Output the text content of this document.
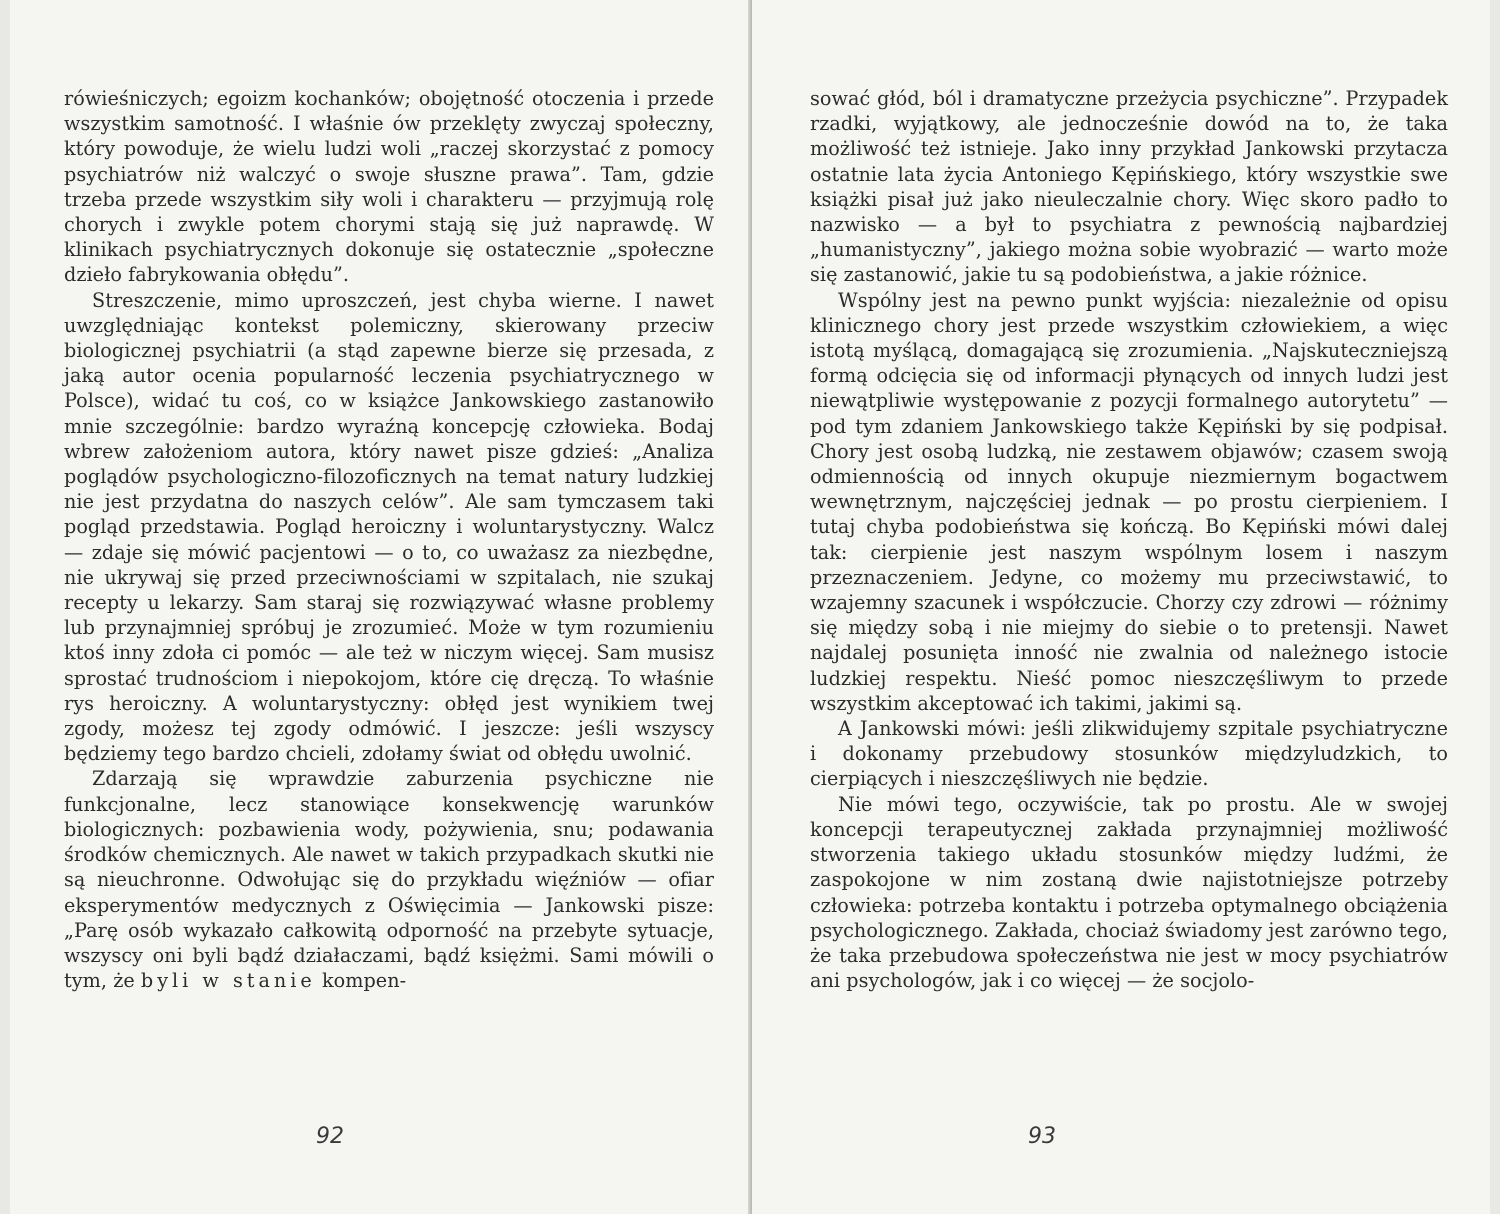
rówieśniczych; egoizm kochanków; obojętność otoczenia i przede wszystkim samotność. I właśnie ów przeklęty zwyczaj społeczny, który powoduje, że wielu ludzi woli „raczej skorzystać z pomocy psychiatrów niż walczyć o swoje słuszne prawa”. Tam, gdzie trzeba przede wszystkim siły woli i charakteru — przyjmują rolę chorych i zwykle potem chorymi stają się już naprawdę. W klinikach psychiatrycznych dokonuje się ostatecznie „społeczne dzieło fabrykowania obłędu”.

Streszczenie, mimo uproszczeń, jest chyba wierne. I nawet uwzględniając kontekst polemiczny, skierowany przeciw biologicznej psychiatrii (a stąd zapewne bierze się przesada, z jaką autor ocenia popularność leczenia psychiatrycznego w Polsce), widać tu coś, co w książce Jankowskiego zastanowiło mnie szczególnie: bardzo wyraźną koncepcję człowieka. Bodaj wbrew założeniom autora, który nawet pisze gdzieś: „Analiza poglądów psychologiczno-filozoficznych na temat natury ludzkiej nie jest przydatna do naszych celów”. Ale sam tymczasem taki pogląd przedstawia. Pogląd heroiczny i woluntarystyczny. Walcz — zdaje się mówić pacjentowi — o to, co uważasz za niezbędne, nie ukrywaj się przed przeciwnościami w szpitalach, nie szukaj recepty u lekarzy. Sam staraj się rozwiązywać własne problemy lub przynajmniej spróbuj je zrozumieć. Może w tym rozumieniu ktoś inny zdoła ci pomóc — ale też w niczym więcej. Sam musisz sprostać trudnościom i niepokojom, które cię dręczą. To właśnie rys heroiczny. A woluntarystyczny: obłęd jest wynikiem twej zgody, możesz tej zgody odmówić. I jeszcze: jeśli wszyscy będziemy tego bardzo chcieli, zdołamy świat od obłędu uwolnić.

Zdarzają się wprawdzie zaburzenia psychiczne nie funkcjonalne, lecz stanowiące konsekwencję warunków biologicznych: pozbawienia wody, pożywienia, snu; podawania środków chemicznych. Ale nawet w takich przypadkach skutki nie są nieuchronne. Odwołując się do przykładu więźniów — ofiar eksperymentów medycznych z Oświęcimia — Jankowski pisze: „Parę osób wykazało całkowitą odporność na przebyte sytuacje, wszyscy oni byli bądź działaczami, bądź księżmi. Sami mówili o tym, że byli w stanie kompen-

92

sować głód, ból i dramatyczne przeżycia psychiczne”. Przypadek rzadki, wyjątkowy, ale jednocześnie dowód na to, że taka możliwość też istnieje. Jako inny przykład Jankowski przytacza ostatnie lata życia Antoniego Kępińskiego, który wszystkie swe książki pisał już jako nieuleczalnie chory. Więc skoro padło to nazwisko — a był to psychiatra z pewnością najbardziej „humanistyczny”, jakiego można sobie wyobrazić — warto może się zastanowić, jakie tu są podobieństwa, a jakie różnice.

Wspólny jest na pewno punkt wyjścia: niezależnie od opisu klinicznego chory jest przede wszystkim człowiekiem, a więc istotą myślącą, domagającą się zrozumienia. „Najskuteczniejszą formą odcięcia się od informacji płynących od innych ludzi jest niewątpliwie występowanie z pozycji formalnego autorytetu” — pod tym zdaniem Jankowskiego także Kępiński by się podpisał. Chory jest osobą ludzką, nie zestawem objawów; czasem swoją odmiennością od innych okupuje niezmiernym bogactwem wewnętrznym, najczęściej jednak — po prostu cierpieniem. I tutaj chyba podobieństwa się kończą. Bo Kępiński mówi dalej tak: cierpienie jest naszym wspólnym losem i naszym przeznaczeniem. Jedyne, co możemy mu przeciwstawić, to wzajemny szacunek i współczucie. Chorzy czy zdrowi — różnimy się między sobą i nie miejmy do siebie o to pretensji. Nawet najdalej posunięta inność nie zwalnia od należnego istocie ludzkiej respektu. Nieść pomoc nieszczęśliwym to przede wszystkim akceptować ich takimi, jakimi są.

A Jankowski mówi: jeśli zlikwidujemy szpitale psychiatryczne i dokonamy przebudowy stosunków międzyludzkich, to cierpiących i nieszczęśliwych nie będzie.

Nie mówi tego, oczywiście, tak po prostu. Ale w swojej koncepcji terapeutycznej zakłada przynajmniej możliwość stworzenia takiego układu stosunków między ludźmi, że zaspokojone w nim zostaną dwie najistotniejsze potrzeby człowieka: potrzeba kontaktu i potrzeba optymalnego obciążenia psychologicznego. Zakłada, chociaż świadomy jest zarówno tego, że taka przebudowa społeczeństwa nie jest w mocy psychiatrów ani psychologów, jak i co więcej — że socjolo-

93
